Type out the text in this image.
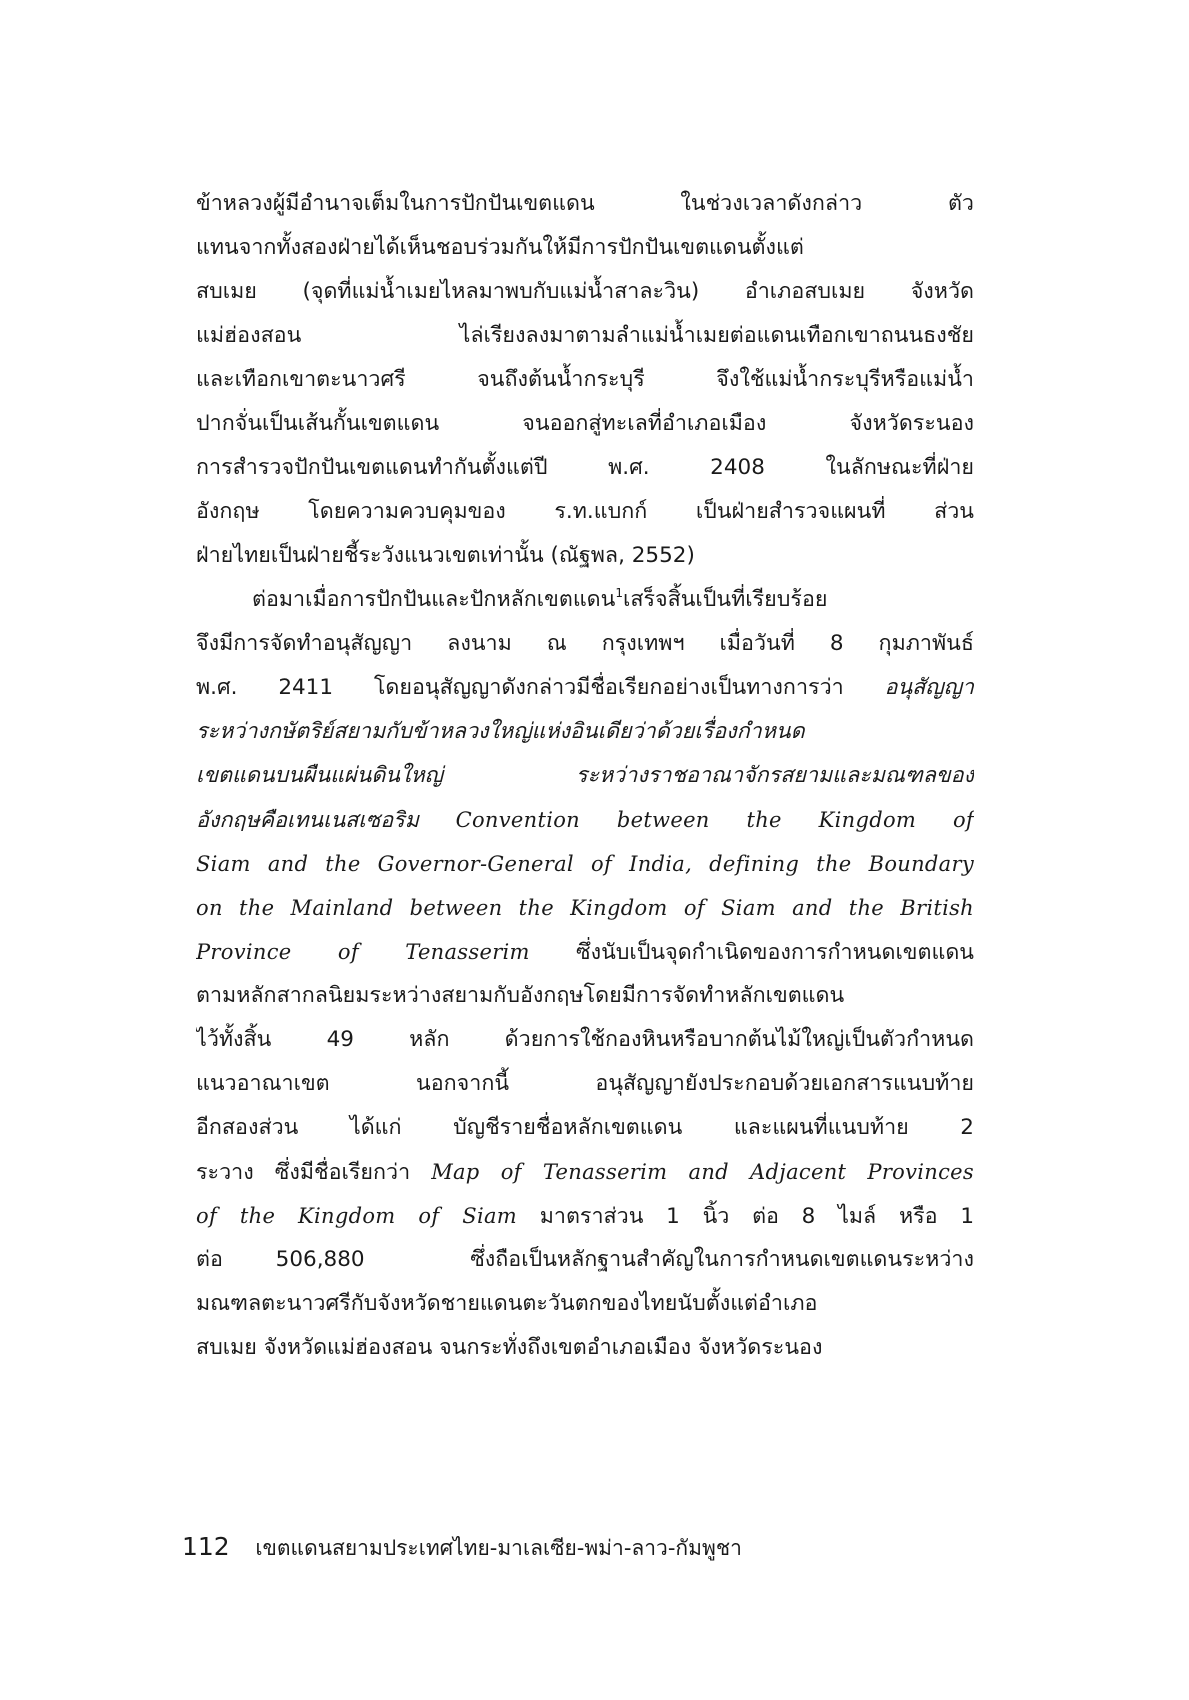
ข้าหลวงผู้มีอำนาจเต็มในการปักปันเขตแดน ในช่วงเวลาดังกล่าว ตัว
แทนจากทั้งสองฝ่ายได้เห็นชอบร่วมกันให้มีการปักปันเขตแดนตั้งแต่
สบเมย (จุดที่แม่น้ำเมยไหลมาพบกับแม่น้ำสาละวิน) อำเภอสบเมย จังหวัด
แม่ฮ่องสอน ไล่เรียงลงมาตามลำแม่น้ำเมยต่อแดนเทือกเขาถนนธงชัย
และเทือกเขาตะนาวศรี จนถึงต้นน้ำกระบุรี จึงใช้แม่น้ำกระบุรีหรือแม่น้ำ
ปากจั่นเป็นเส้นกั้นเขตแดน จนออกสู่ทะเลที่อำเภอเมือง จังหวัดระนอง
การสำรวจปักปันเขตแดนทำกันตั้งแต่ปี พ.ศ. 2408 ในลักษณะที่ฝ่าย
อังกฤษ โดยความควบคุมของ ร.ท.แบกก์ เป็นฝ่ายสำรวจแผนที่ ส่วน
ฝ่ายไทยเป็นฝ่ายชี้ระวังแนวเขตเท่านั้น (ณัฐพล, 2552)
ต่อมาเมื่อการปักปันและปักหลักเขตแดน$^1$เสร็จสิ้นเป็นที่เรียบร้อย
จึงมีการจัดทำอนุสัญญา ลงนาม ณ กรุงเทพฯ เมื่อวันที่ 8 กุมภาพันธ์
พ.ศ. 2411 โดยอนุสัญญาดังกล่าวมีชื่อเรียกอย่างเป็นทางการว่า อนุสัญญา
ระหว่างกษัตริย์สยามกับข้าหลวงใหญ่แห่งอินเดียว่าด้วยเรื่องกำหนด
เขตแดนบนผืนแผ่นดินใหญ่ ระหว่างราชอาณาจักรสยามและมณฑลของ
อังกฤษคือเทนเนสเซอริม Convention between the Kingdom of
Siam and the Governor-General of India, defining the Boundary
on the Mainland between the Kingdom of Siam and the British
Province of Tenasserim ซึ่งนับเป็นจุดกำเนิดของการกำหนดเขตแดน
ตามหลักสากลนิยมระหว่างสยามกับอังกฤษโดยมีการจัดทำหลักเขตแดน
ไว้ทั้งสิ้น 49 หลัก ด้วยการใช้กองหินหรือบากต้นไม้ใหญ่เป็นตัวกำหนด
แนวอาณาเขต นอกจากนี้ อนุสัญญายังประกอบด้วยเอกสารแนบท้าย
อีกสองส่วน ได้แก่ บัญชีรายชื่อหลักเขตแดน และแผนที่แนบท้าย 2
ระวาง ซึ่งมีชื่อเรียกว่า Map of Tenasserim and Adjacent Provinces
of the Kingdom of Siam มาตราส่วน 1 นิ้ว ต่อ 8 ไมล์ หรือ 1
ต่อ 506,880  ซึ่งถือเป็นหลักฐานสำคัญในการกำหนดเขตแดนระหว่าง
มณฑลตะนาวศรีกับจังหวัดชายแดนตะวันตกของไทยนับตั้งแต่อำเภอ
สบเมย จังหวัดแม่ฮ่องสอน จนกระทั่งถึงเขตอำเภอเมือง จังหวัดระนอง
112 เขตแดนสยามประเทศไทย-มาเลเซีย-พม่า-ลาว-กัมพูชา
